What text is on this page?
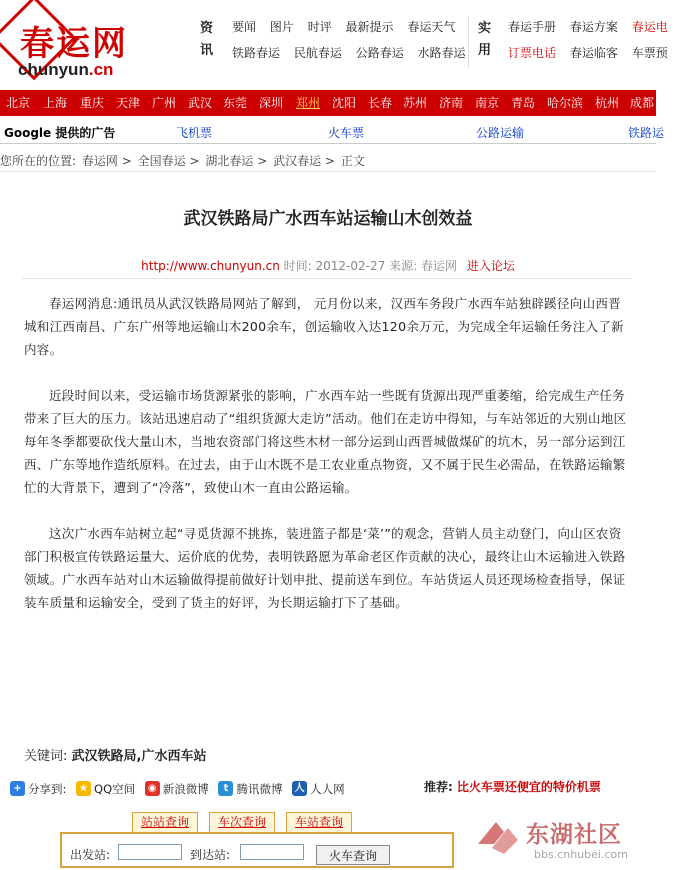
春运网
chunyun.cn
资讯
要闻 图片 时评 最新提示 春运天气
铁路春运 民航春运 公路春运 水路春运
实用
春运手册 春运方案 春运电
订票电话 春运临客 车票预
北京 上海 重庆 天津 广州 武汉 东莞 深圳 郑州 沈阳 长春 苏州 济南 南京 青岛 哈尔滨 杭州 成都
Google 提供的广告	飞机票	火车票	公路运输	铁路运
您所在的位置: 春运网 > 全国春运 > 湖北春运 > 武汉春运 > 正文
武汉铁路局广水西车站运输山木创效益
http://www.chunyun.cn 时间: 2012-02-27 来源: 春运网 进入论坛

春运网消息:通讯员从武汉铁路局网站了解到， 元月份以来，汉西车务段广水西车站独辟蹊径向山西晋城和江西南昌、广东广州等地运输山木200余车，创运输收入达120余万元，为完成全年运输任务注入了新内容。

近段时间以来，受运输市场货源紧张的影响，广水西车站一些既有货源出现严重萎缩，给完成生产任务带来了巨大的压力。该站迅速启动了“组织货源大走访”活动。他们在走访中得知，与车站邻近的大别山地区每年冬季都要砍伐大量山木，当地农资部门将这些木材一部分运到山西晋城做煤矿的坑木，另一部分运到江西、广东等地作造纸原料。在过去，由于山木既不是工农业重点物资，又不属于民生必需品，在铁路运输繁忙的大背景下，遭到了“冷落”，致使山木一直由公路运输。

这次广水西车站树立起“寻觅货源不挑拣，装进篮子都是‘菜’”的观念，营销人员主动登门，向山区农资部门积极宣传铁路运量大、运价底的优势，表明铁路愿为革命老区作贡献的决心，最终让山木运输进入铁路领域。广水西车站对山木运输做得提前做好计划申批、提前送车到位。车站货运人员还现场检查指导，保证装车质量和运输安全，受到了货主的好评，为长期运输打下了基础。

关键词: 武汉铁路局,广水西车站
+ 分享到:
	★ QQ空间
	◉ 新浪微博
	t 腾讯微博
人 人人网	推荐: 比火车票还便宜的特价机票
站站查询	车次查询	车站查询
出发站:	到达站:	火车查询
东湖社区
bbs.cnhubei.com
